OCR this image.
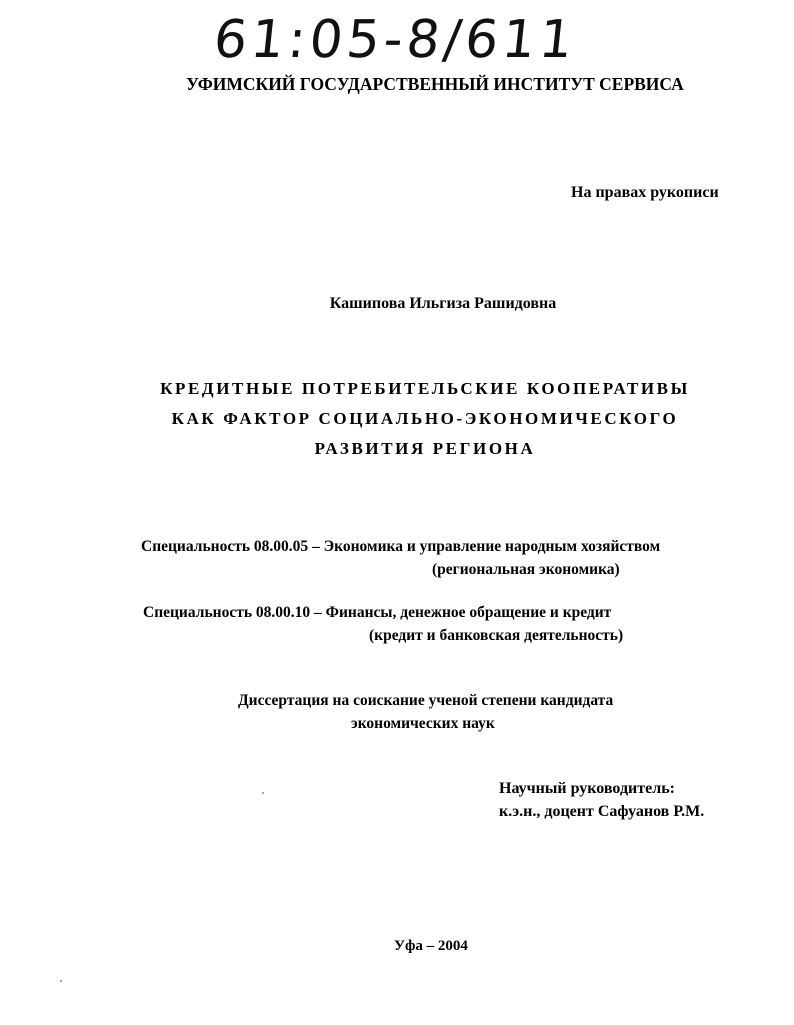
61:05-8/611
УФИМСКИЙ ГОСУДАРСТВЕННЫЙ ИНСТИТУТ СЕРВИСА
На правах рукописи
Кашипова Ильгиза Рашидовна
КРЕДИТНЫЕ ПОТРЕБИТЕЛЬСКИЕ КООПЕРАТИВЫ
КАК ФАКТОР СОЦИАЛЬНО-ЭКОНОМИЧЕСКОГО
РАЗВИТИЯ РЕГИОНА
Специальность 08.00.05 – Экономика и управление народным хозяйством
(региональная экономика)
Специальность 08.00.10 – Финансы, денежное обращение и кредит
(кредит и банковская деятельность)
Диссертация на соискание ученой степени кандидата
экономических наук
Научный руководитель:
к.э.н., доцент Сафуанов Р.М.
Уфа – 2004
